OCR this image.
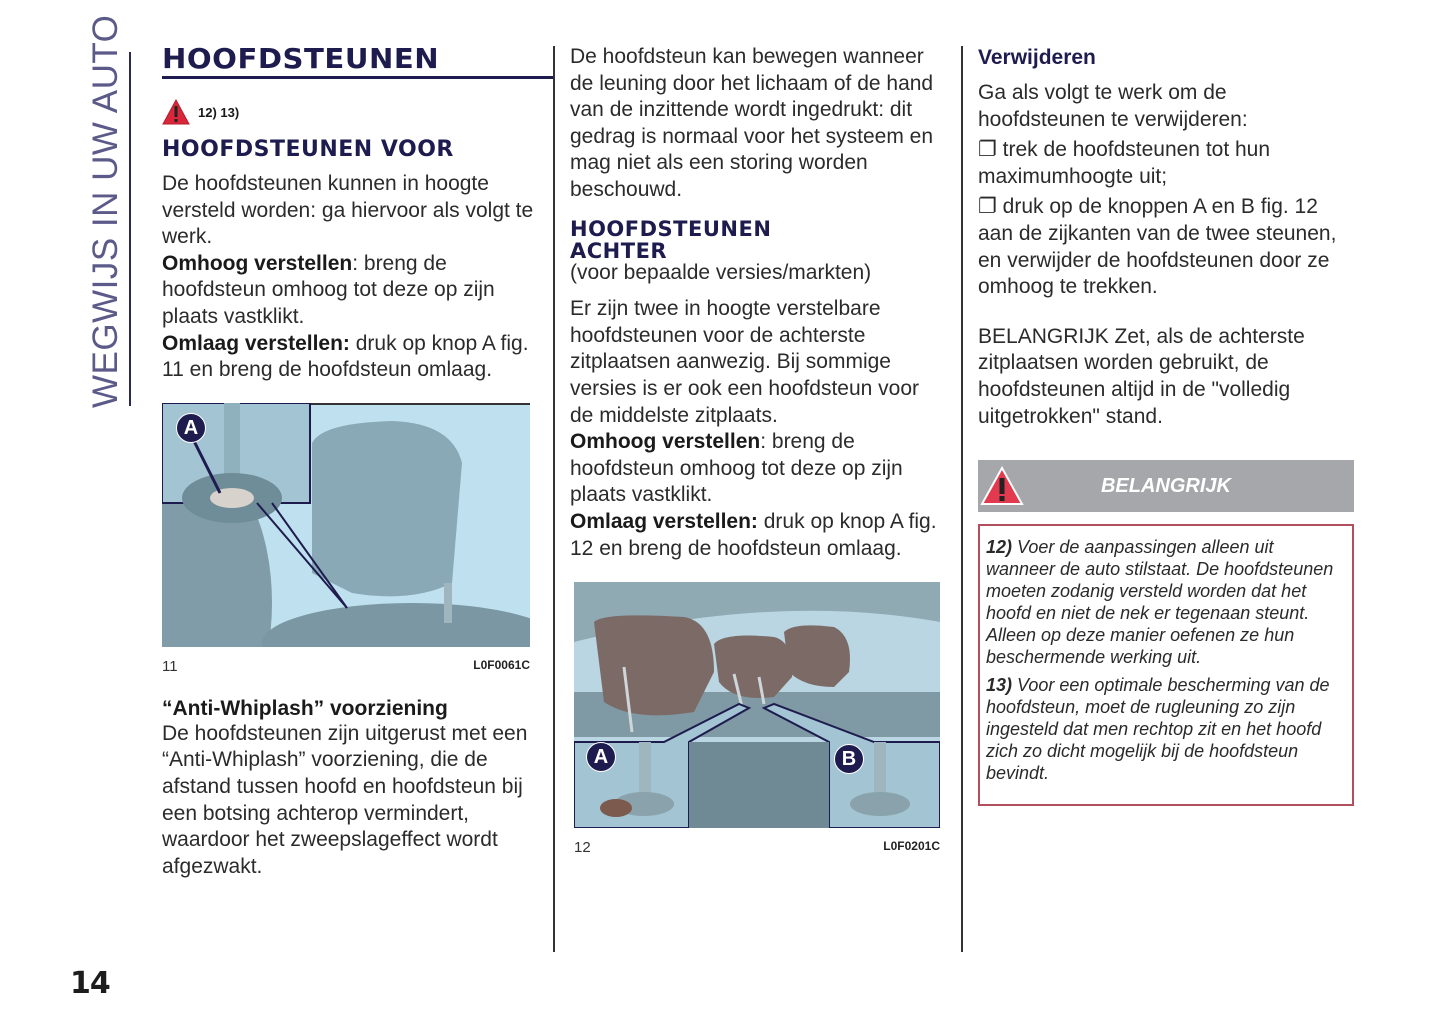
WEGWIJS IN UW AUTO
14
HOOFDSTEUNEN
12) 13)
HOOFDSTEUNEN VOOR

De hoofdsteunen kunnen in hoogte versteld worden: ga hiervoor als volgt te werk.

Omhoog verstellen: breng de hoofdsteun omhoog tot deze op zijn plaats vastklikt.

Omlaag verstellen: druk op knop A fig. 11 en breng de hoofdsteun omlaag.

A
11	L0F0061C
“Anti-Whiplash” voorziening

De hoofdsteunen zijn uitgerust met een “Anti-Whiplash” voorziening, die de afstand tussen hoofd en hoofdsteun bij een botsing achterop vermindert, waardoor het zweepslageffect wordt afgezwakt.

De hoofdsteun kan bewegen wanneer de leuning door het lichaam of de hand van de inzittende wordt ingedrukt: dit gedrag is normaal voor het systeem en mag niet als een storing worden beschouwd.

HOOFDSTEUNEN
ACHTER

(voor bepaalde versies/markten)

Er zijn twee in hoogte verstelbare hoofdsteunen voor de achterste zitplaatsen aanwezig. Bij sommige versies is er ook een hoofdsteun voor de middelste zitplaats.

Omhoog verstellen: breng de hoofdsteun omhoog tot deze op zijn plaats vastklikt.

Omlaag verstellen: druk op knop A fig. 12 en breng de hoofdsteun omlaag.

A	B
12	L0F0201C
Verwijderen

Ga als volgt te werk om de hoofdsteunen te verwijderen:

❐ trek de hoofdsteunen tot hun maximumhoogte uit;

❐ druk op de knoppen A en B fig. 12 aan de zijkanten van de twee steunen, en verwijder de hoofdsteunen door ze omhoog te trekken.

BELANGRIJK Zet, als de achterste zitplaatsen worden gebruikt, de hoofdsteunen altijd in de "volledig uitgetrokken" stand.

BELANGRIJK

12) Voer de aanpassingen alleen uit wanneer de auto stilstaat. De hoofdsteunen moeten zodanig versteld worden dat het hoofd en niet de nek er tegenaan steunt. Alleen op deze manier oefenen ze hun beschermende werking uit.

13) Voor een optimale bescherming van de hoofdsteun, moet de rugleuning zo zijn ingesteld dat men rechtop zit en het hoofd zich zo dicht mogelijk bij de hoofdsteun bevindt.
